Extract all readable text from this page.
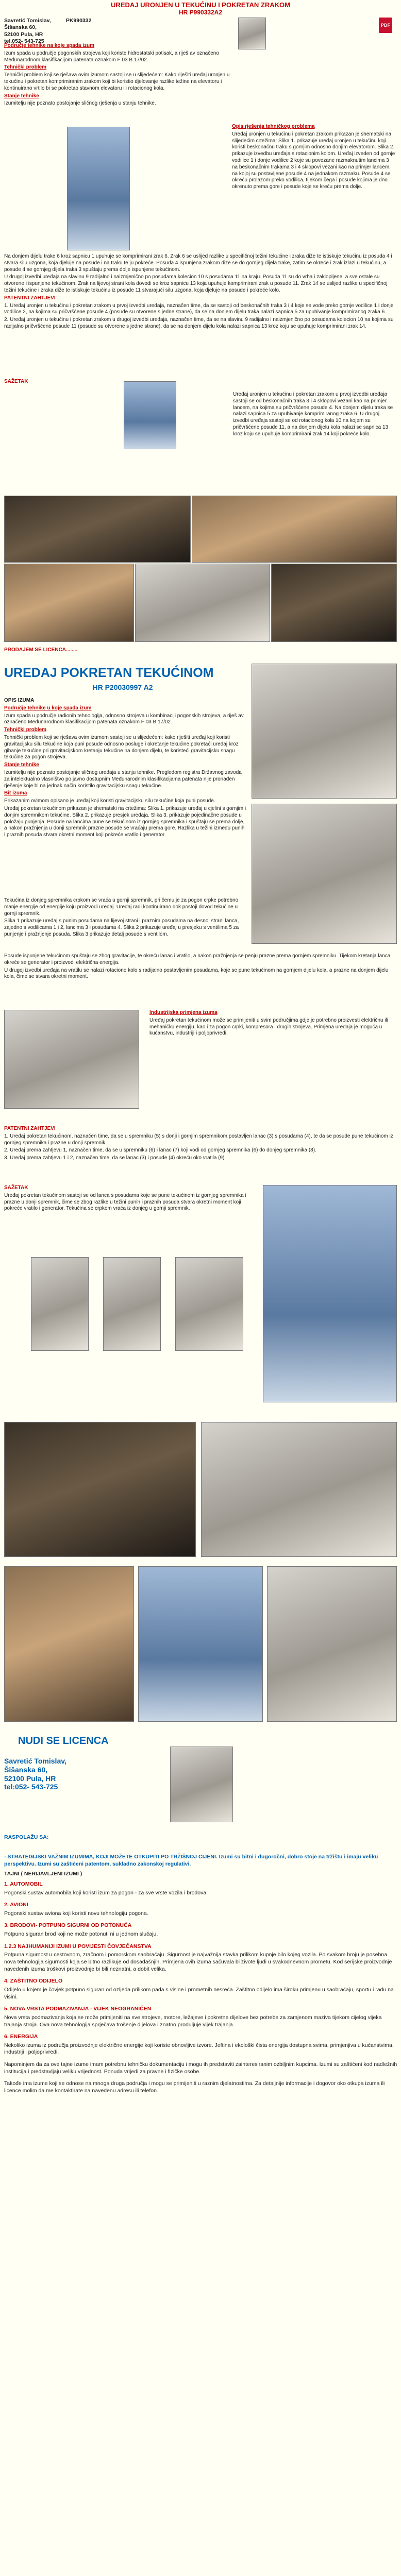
UREDAJ URONJEN U TEKUĆINU I POKRETAN ZRAKOM
HR P990332A2
Savretić Tomislav,	PK990332
Šišanska 60,
52100 Pula, HR
tel.052- 543-725
PDF

Područje tehnike na koje spada izum

Izum spada u područje pogonskih strojeva koji koriste hidrostatski potisak, a riješ av označeno Međunarodnom klasifikacijom patenata oznakom F 03 B 17/02.

Tehnički problem

Tehnički problem koji se rješava ovim izumom sastoji se u slijedećem: Kako riješiti uređaj uronjen u tekućinu i pokretan komprimiranim zrakom koji bi koristio djelovanje razlike težine na elevatoru i kontinuirano vrtilo bi se pokretao stavnom elevatoru ili rotacionog kola.

Stanje tehnike

Izumitelju nije poznato postojanje sličnog rješenja u stanju tehnike.

Opis rješenja tehničkog problema

Uređaj uronjen u tekućinu i pokretan zrakom prikazan je shematski na slijedećim crtežima: Slika 1. prikazuje uređaj uronjen u tekućinu koji koristi beskonačnu traku s gornjim odnosno donjim elevatorom. Slika 2. prikazuje izvedbu uređaja s rotacionim kolom. Uređaj izveden od gornje vodilice 1 i donje vodilice 2 koje su povezane razmaknutim lancima 3 na beskonačnim trakama 3 i 4 sklopovi vezani kao na primjer lancem, na kojoj su postavljene posude 4 na jednakom razmaku. Posude 4 se okreću prolazom preko vodilica, tijekom čega i posude kojima je dno okrenuto prema gore i posude koje se kreću prema dolje.

Na donjem dijelu trake 6 kroz sapnicu 1 upuhuje se komprimirani zrak 6. Zrak 6 se uslijed razlike u specifičnoj težini tekućine i zraka diže te istiskuje tekućinu iz posuda 4 i stvara silu uzgona, koja djeluje na posude i na traku te ju pokreće. Posuda 4 ispunjena zrakom diže se do gornjeg dijela trake, zatim se okreće i zrak izlazi u tekućinu, a posude 4 se gornjeg dijela traka 3 spuštaju prema dolje ispunjene tekućinom.

U drugoj izvedbi uređaja na slavinu 9 radijalno i naizmjenično po posudama kolecion 10 s posudama 11 na kraju. Posuda 11 su do vrha i zaklopljene, a sve ostale su otvorene i ispunjene tekućinom. Zrak na lijevoj strani kola dovodi se kroz sapnicu 13 koja upuhuje komprimirani zrak u posude 11. Zrak 14 se uslijed razlike u specifičnoj težini tekućine i zraka diže te istiskuje tekućinu iz posude 11 stvarajući silu uzgona, koja djeluje na posude i pokreće kolo.

PATENTNI ZAHTJEVI

1. Uređaj uronjen u tekućinu i pokretan zrakom u prvoj izvedbi uređaja, naznačen time, da se sastoji od beskonačnih traka 3 i 4 koje se vode preko gornje vodilice 1 i donje vodilice 2, na kojima su pričvršćene posude 4 (posude su otvorene s jedne strane), da se na donjem dijelu traka nalazi sapnica 5 za upuhivanje komprimiranog zraka 6.

2. Uređaj uronjen u tekućinu i pokretan zrakom u drugoj izvedbi uređaja, naznačen time, da se na slavinu 9 radijalno i naizmjenično po posudama kolecion 10 na kojima su radijalno pričvršćene posude 11 (posude su otvorene s jedne strane), da se na donjem dijelu kola nalazi sapnica 13 kroz koju se upuhuje komprimirani zrak 14.

SAŽETAK

Uređaj uronjen u tekućinu i pokretan zrakom u prvoj izvedbi uređaja sastoji se od beskonačnih traka 3 i 4 sklopovi vezani kao na primjer lancem, na kojima su pričvršćene posude 4. Na donjem dijelu traka se nalazi sapnica 5 za upuhivanje komprimiranog zraka 6. U drugoj izvedbi uređaja sastoji se od rotacionog kola 10 na kojem su pričvršćene posude 11, a na donjem dijelu kola nalazi se sapnica 13 kroz koju se upuhuje komprimirani zrak 14 koji pokreće kolo.

PRODAJEM SE LICENCA........

UREDAJ POKRETAN TEKUĆINOM
HR P20030997 A2

OPIS IZUMA

Područje tehnike u koje spada izum

Izum spada u područje radionih tehnologija, odnosno strojeva u kombinaciji pogonskih strojeva, a riješ av označeno Međunarodnom klasifikacijom patenata oznakom F 03 B 17/02.

Tehnički problem

Tehnički problem koji se rješava ovim izumom sastoji se u slijedećem: kako riješiti uređaj koji koristi gravitacijsku silu tekućine koja puni posude odnosno posluge i okretanje tekućine pokretaći uređaj kroz gibanje tekućine pri gravitacijskom kretanju tekućine na donjem dijelu, te koristeći gravitacijsku snagu tekućine za pogon strojeva.

Stanje tehnike

Izumitelju nije poznato postojanje sličnog uređaja u stanju tehnike. Pregledom registra Državnog zavoda za intelektualno vlasništvo po javno dostupnim Međunarodnim klasifikacijama patenata nije pronađen rješenje koje bi na jednak način koristilo gravitacijsku snagu tekućine.

Bit izuma

Prikazanim ovimom opisano je uređaj koji koristi gravitacijsku silu tekućine koja puni posude.

Uređaj pokretan tekućinom prikazan je shematski na crtežima: Slika 1. prikazuje uređaj u cjelini s gornjim i donjim spremnikom tekućine. Slika 2. prikazuje presjek uređaja. Slika 3. prikazuje pojedinačne posude u položaju punjenja. Posude na lancima pune se tekućinom iz gornjeg spremnika i spuštaju se prema dolje, a nakon pražnjenja u donji spremnik prazne posude se vraćaju prema gore. Razlika u težini između punih i praznih posuda stvara okretni moment koji pokreće vratilo i generator.

Tekućina iz donjeg spremnika crpkom se vraća u gornji spremnik, pri čemu je za pogon crpke potrebno manje energije od energije koju proizvodi uređaj. Uređaj radi kontinuirano dok postoji dovod tekućine u gornji spremnik.

Slika 1 prikazuje uređaj s punim posudama na lijevoj strani i praznim posudama na desnoj strani lanca, zajedno s vodilicama 1 i 2, lancima 3 i posudama 4. Slika 2 prikazuje uređaj u presjeku s ventilima 5 za punjenje i pražnjenje posuda. Slika 3 prikazuje detalj posude s ventilom.

Posude ispunjene tekućinom spuštaju se zbog gravitacije, te okreću lanac i vratilo, a nakon pražnjenja se penju prazne prema gornjem spremniku. Tijekom kretanja lanca okreće se generator i proizvodi električna energija.

U drugoj izvedbi uređaja na vratilu se nalazi rotaciono kolo s radijalno postavljenim posudama, koje se pune tekućinom na gornjem dijelu kola, a prazne na donjem dijelu kola, čime se stvara okretni moment.

Industrijska primjena izuma

Uređaj pokretan tekućinom može se primijeniti u svim područjima gdje je potrebno proizvesti električnu ili mehaničku energiju, kao i za pogon crpki, kompresora i drugih strojeva. Primjena uređaja je moguća u kućanstvu, industriji i poljoprivredi.

PATENTNI ZAHTJEVI

1. Uređaj pokretan tekućinom, naznačen time, da se u spremniku (5) s donji i gornjim spremnikom postavljen lanac (3) s posudama (4), te da se posude pune tekućinom iz gornjeg spremnika i prazne u donji spremnik.

2. Uređaj prema zahtjevu 1, naznačen time, da se u spremniku (6) i lanac (7) koji vodi od gornjeg spremnika (6) do donjeg spremnika (8).

3. Uređaj prema zahtjevu 1 i 2, naznačen time, da se lanac (3) i posude (4) okreću oko vratila (9).

SAŽETAK

Uređaj pokretan tekućinom sastoji se od lanca s posudama koje se pune tekućinom iz gornjeg spremnika i prazne u donji spremnik, čime se zbog razlike u težini punih i praznih posuda stvara okretni moment koji pokreće vratilo i generator. Tekućina se crpkom vraća iz donjeg u gornji spremnik.

NUDI SE LICENCA
Savretić Tomislav,
Šišanska 60,
52100 Pula, HR
tel:052- 543-725

RASPOLAŽU SA:

- STRATEGIJSKI VAŽNIM IZUMIMA, KOJI MOŽETE OTKUPITI PO TRŽIŠNOJ CIJENI. Izumi su bitni i dugoročni, dobro stoje na tržištu i imaju veliku perspektivu. Izumi su zaštićeni patentom, sukladno zakonskoj regulativi.

TAJNI ( NERIJAVLJENI IZUMI )

1. AUTOMOBIL

Pogonski sustav automobila koji koristi izum za pogon - za sve vrste vozila i brodova.

2. AVIONI

Pogonski sustav aviona koji koristi novu tehnologiju pogona.

3. BRODOVI- POTPUNO SIGURNI OD POTONUĆA

Potpuno siguran brod koji ne može potonuti ni u jednom slučaju.

1.2.3 NAJHUMANIJI IZUMI U POVIJESTI ČOVJEČANSTVA

Potpuna sigurnost u cestovnom, zračnom i pomorskom saobraćaju. Sigurnost je najvažnija stavka prilikom kupnje bilo kojeg vozila. Po svakom broju je posebna nova tehnologija sigurnosti koja se bitno razlikuje od dosadašnjih. Primjena ovih izuma sačuvala bi živote ljudi u svakodnevnom prometu. Kod serijske proizvodnje navedenih izuma troškovi proizvodnje bi bili neznatni, a dobit velika.

4. ZAŠTITNO ODIJELO

Odijelo u kojem je čovjek potpuno siguran od ozljeda prilikom pada s visine i prometnih nesreća. Zaštitno odijelo ima široku primjenu u saobraćaju, sportu i radu na visini.

5. NOVA VRSTA PODMAZIVANJA - VIJEK NEOGRANIČEN

Nova vrsta podmazivanja koja se može primijeniti na sve strojeve, motore, ležajeve i pokretne dijelove bez potrebe za zamjenom maziva tijekom cijelog vijeka trajanja stroja. Ova nova tehnologija sprječava trošenje dijelova i znatno produljuje vijek trajanja.

6. ENERGIJA

Nekoliko izuma iz područja proizvodnje električne energije koji koriste obnovljive izvore. Jeftina i ekološki čista energija dostupna svima, primjenjiva u kućanstvima, industriji i poljoprivredi.

Napominjem da za ove tajne izume imam potrebnu tehničku dokumentaciju i mogu ih predstaviti zainteresiranim ozbiljnim kupcima. Izumi su zaštićeni kod nadležnih institucija i predstavljaju veliku vrijednost. Ponuda vrijedi za pravne i fizičke osobe.

Takođe ima izume koji se odnose na mnoga druga područja i mogu se primijeniti u raznim djelatnostima. Za detaljnije informacije i dogovor oko otkupa izuma ili licence molim da me kontaktirate na navedenu adresu ili telefon.
